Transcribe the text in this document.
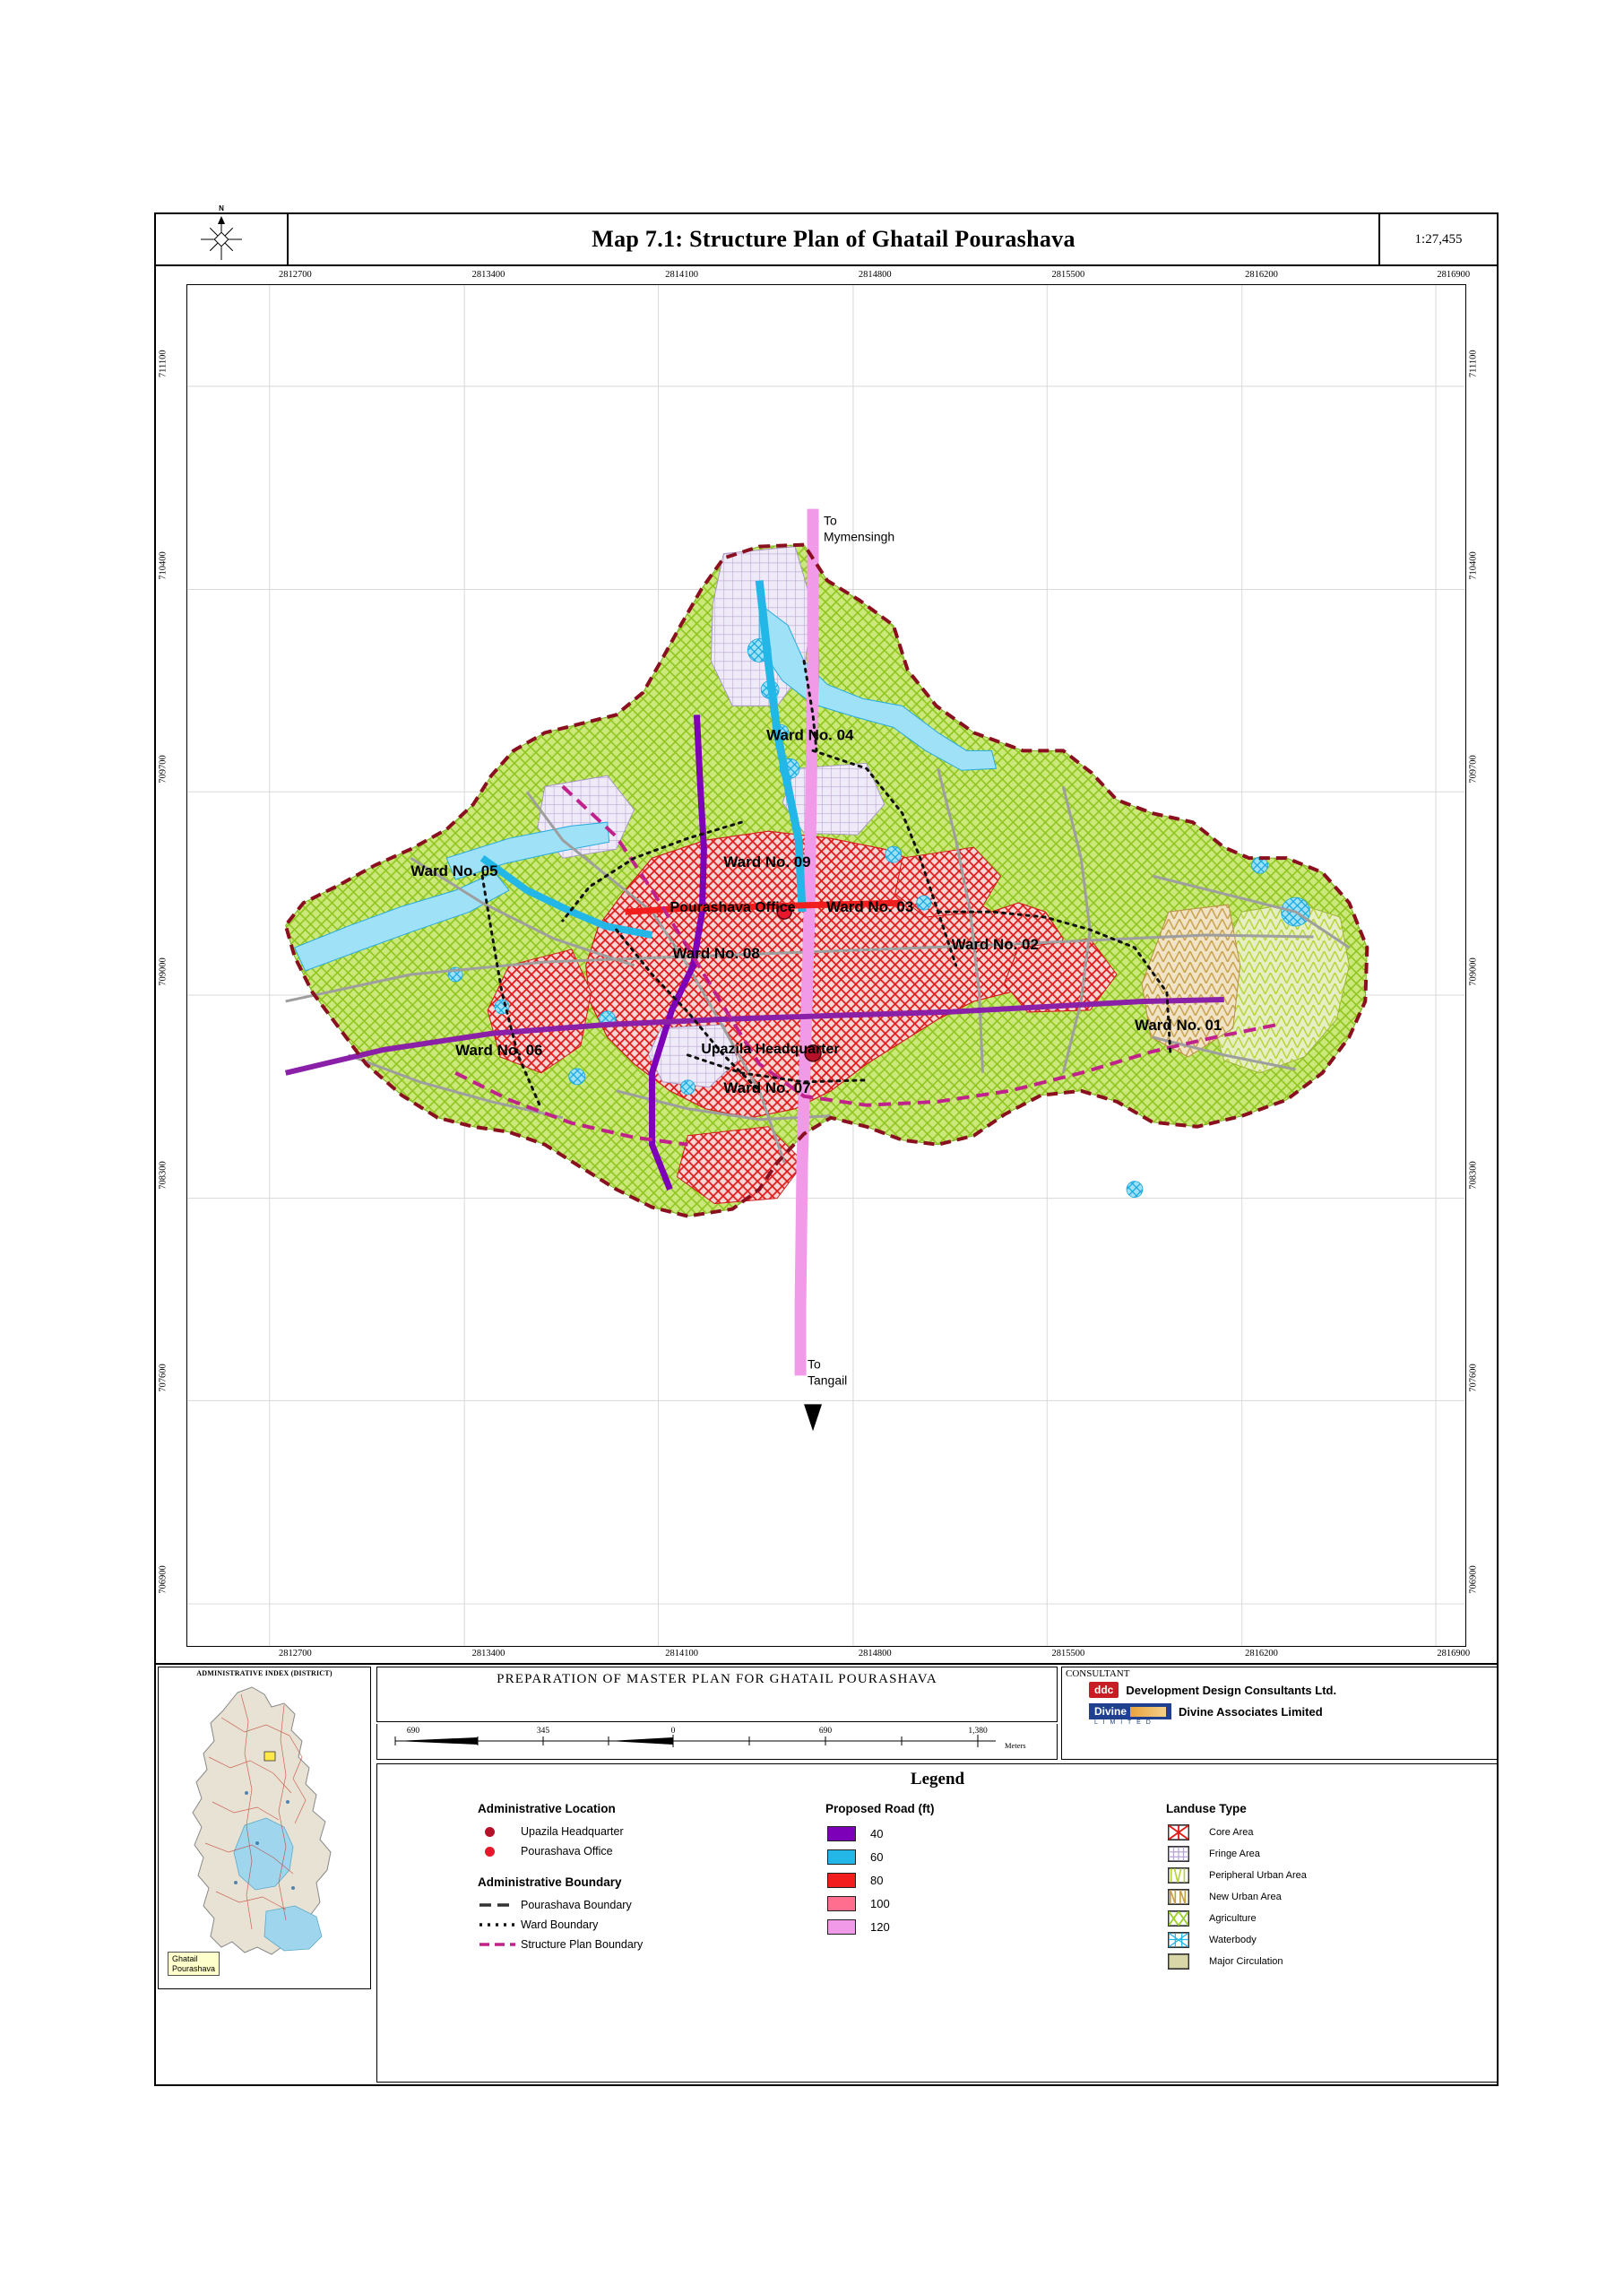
N
Map 7.1: Structure Plan of Ghatail Pourashava	1:27,455
2812700	2813400	2814100	2814800	2815500	2816200	2816900
2812700	2813400	2814100	2814800	2815500	2816200	2816900
711100
710400
709700
709000
708300
707600
706900
711100
710400
709700
709000
708300
707600
706900
Ward No. 01
Ward No. 02
Ward No. 03
Ward No. 04
Ward No. 05
Ward No. 06
Ward No. 07
Ward No. 08
Ward No. 09
Upazila Headquarter
Pourashava Office
To
Mymensingh
To
Tangail
ADMINISTRATIVE INDEX (DISTRICT)
Ghatail
Pourashava
PREPARATION OF MASTER PLAN FOR GHATAIL POURASHAVA
690	345	0	690	1,380
Meters
CONSULTANT
ddc	Development Design Consultants Ltd.
Divine	Divine Associates Limited
L I M I T E D
Legend
Administrative Location
Upazila Headquarter
Pourashava Office
Administrative Boundary
Pourashava Boundary
Ward Boundary
Structure Plan Boundary
Proposed Road (ft)
40
60
80
100
120
Landuse Type
Core Area
Fringe Area
Peripheral Urban Area
New Urban Area
Agriculture
Waterbody
Major Circulation
